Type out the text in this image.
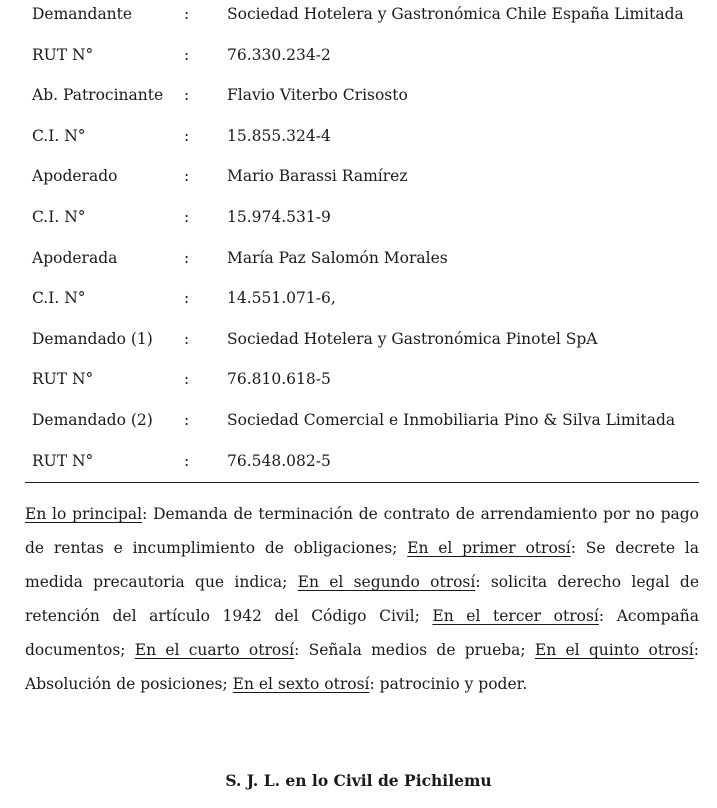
Demandante	: Sociedad Hotelera y Gastronómica Chile España Limitada
RUT N°	: 76.330.234-2
Ab. Patrocinante : Flavio Viterbo Crisosto
C.I. N°	: 15.855.324-4
Apoderado	: Mario Barassi Ramírez
C.I. N°	: 15.974.531-9
Apoderada	: María Paz Salomón Morales
C.I. N°	: 14.551.071-6,
Demandado (1) : Sociedad Hotelera y Gastronómica Pinotel SpA
RUT N°	: 76.810.618-5
Demandado (2) : Sociedad Comercial e Inmobiliaria Pino & Silva Limitada
RUT N°	: 76.548.082-5
En lo principal: Demanda de terminación de contrato de arrendamiento por no pago de rentas e incumplimiento de obligaciones; En el primer otrosí: Se decrete la medida precautoria que indica; En el segundo otrosí: solicita derecho legal de retención del artículo 1942 del Código Civil; En el tercer otrosí: Acompaña documentos; En el cuarto otrosí: Señala medios de prueba; En el quinto otrosí: Absolución de posiciones; En el sexto otrosí: patrocinio y poder.
S. J. L. en lo Civil de Pichilemu
